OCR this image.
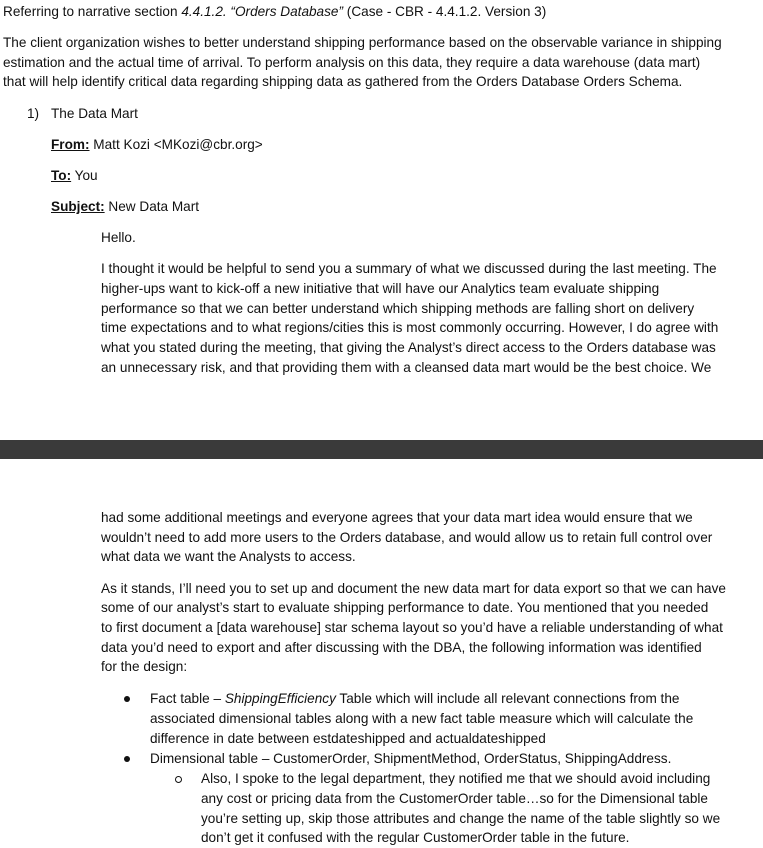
Referring to narrative section 4.4.1.2. “Orders Database” (Case - CBR - 4.4.1.2. Version 3)
The client organization wishes to better understand shipping performance based on the observable variance in shipping
estimation and the actual time of arrival. To perform analysis on this data, they require a data warehouse (data mart)
that will help identify critical data regarding shipping data as gathered from the Orders Database Orders Schema.
1) The Data Mart
From: Matt Kozi <MKozi@cbr.org>
To: You
Subject: New Data Mart
Hello.
I thought it would be helpful to send you a summary of what we discussed during the last meeting. The
higher-ups want to kick-off a new initiative that will have our Analytics team evaluate shipping
performance so that we can better understand which shipping methods are falling short on delivery
time expectations and to what regions/cities this is most commonly occurring. However, I do agree with
what you stated during the meeting, that giving the Analyst’s direct access to the Orders database was
an unnecessary risk, and that providing them with a cleansed data mart would be the best choice. We
had some additional meetings and everyone agrees that your data mart idea would ensure that we
wouldn’t need to add more users to the Orders database, and would allow us to retain full control over
what data we want the Analysts to access.
As it stands, I’ll need you to set up and document the new data mart for data export so that we can have
some of our analyst’s start to evaluate shipping performance to date. You mentioned that you needed
to first document a [data warehouse] star schema layout so you’d have a reliable understanding of what
data you’d need to export and after discussing with the DBA, the following information was identified
for the design:
Fact table – ShippingEfficiency Table which will include all relevant connections from the
associated dimensional tables along with a new fact table measure which will calculate the
difference in date between estdateshipped and actualdateshipped
Dimensional table – CustomerOrder, ShipmentMethod, OrderStatus, ShippingAddress.
Also, I spoke to the legal department, they notified me that we should avoid including
any cost or pricing data from the CustomerOrder table…so for the Dimensional table
you’re setting up, skip those attributes and change the name of the table slightly so we
don’t get it confused with the regular CustomerOrder table in the future.
